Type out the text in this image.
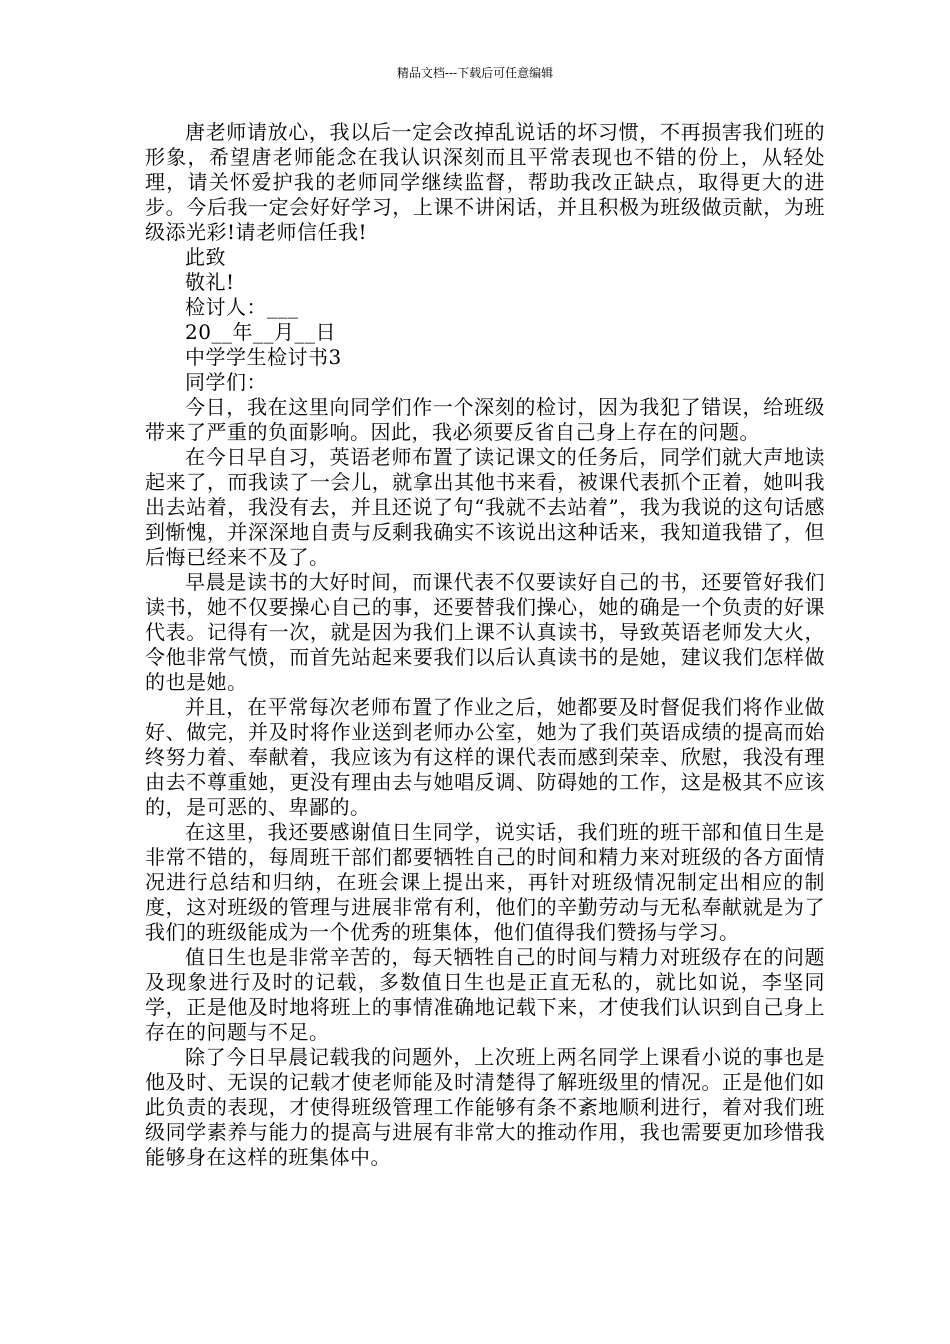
精品文档---下载后可任意编辑

唐老师请放心，我以后一定会改掉乱说话的坏习惯，不再损害我们班的形象，希望唐老师能念在我认识深刻而且平常表现也不错的份上，从轻处理，请关怀爱护我的老师同学继续监督，帮助我改正缺点，取得更大的进步。今后我一定会好好学习，上课不讲闲话，并且积极为班级做贡献，为班级添光彩!请老师信任我!

此致

敬礼!

检讨人：___

20__年__月__日

中学学生检讨书3

同学们：

今日，我在这里向同学们作一个深刻的检讨，因为我犯了错误，给班级带来了严重的负面影响。因此，我必须要反省自己身上存在的问题。

在今日早自习，英语老师布置了读记课文的任务后，同学们就大声地读起来了，而我读了一会儿，就拿出其他书来看，被课代表抓个正着，她叫我出去站着，我没有去，并且还说了句“我就不去站着”，我为我说的这句话感到惭愧，并深深地自责与反剩我确实不该说出这种话来，我知道我错了，但后悔已经来不及了。

早晨是读书的大好时间，而课代表不仅要读好自己的书，还要管好我们读书，她不仅要操心自己的事，还要替我们操心，她的确是一个负责的好课代表。记得有一次，就是因为我们上课不认真读书，导致英语老师发大火，令他非常气愤，而首先站起来要我们以后认真读书的是她，建议我们怎样做的也是她。

并且，在平常每次老师布置了作业之后，她都要及时督促我们将作业做好、做完，并及时将作业送到老师办公室，她为了我们英语成绩的提高而始终努力着、奉献着，我应该为有这样的课代表而感到荣幸、欣慰，我没有理由去不尊重她，更没有理由去与她唱反调、防碍她的工作，这是极其不应该的，是可恶的、卑鄙的。

在这里，我还要感谢值日生同学，说实话，我们班的班干部和值日生是非常不错的，每周班干部们都要牺牲自己的时间和精力来对班级的各方面情况进行总结和归纳，在班会课上提出来，再针对班级情况制定出相应的制度，这对班级的管理与进展非常有利，他们的辛勤劳动与无私奉献就是为了我们的班级能成为一个优秀的班集体，他们值得我们赞扬与学习。

值日生也是非常辛苦的，每天牺牲自己的时间与精力对班级存在的问题及现象进行及时的记载，多数值日生也是正直无私的，就比如说，李坚同学，正是他及时地将班上的事情准确地记载下来，才使我们认识到自己身上存在的问题与不足。

除了今日早晨记载我的问题外，上次班上两名同学上课看小说的事也是他及时、无误的记载才使老师能及时清楚得了解班级里的情况。正是他们如此负责的表现，才使得班级管理工作能够有条不紊地顺利进行，着对我们班级同学素养与能力的提高与进展有非常大的推动作用，我也需要更加珍惜我能够身在这样的班集体中。
